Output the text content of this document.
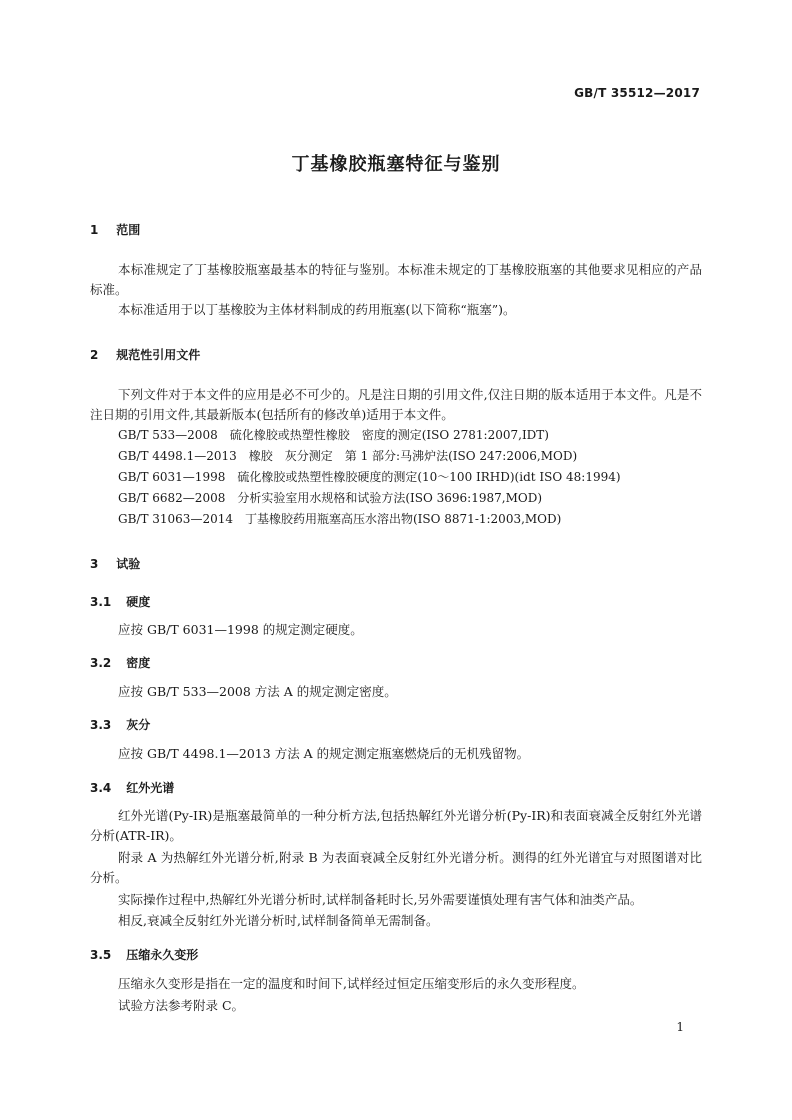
GB/T 35512—2017
丁基橡胶瓶塞特征与鉴别
1 范围
本标准规定了丁基橡胶瓶塞最基本的特征与鉴别。本标准未规定的丁基橡胶瓶塞的其他要求见相应的产品标准。
本标准适用于以丁基橡胶为主体材料制成的药用瓶塞(以下简称“瓶塞”)。
2 规范性引用文件
下列文件对于本文件的应用是必不可少的。凡是注日期的引用文件,仅注日期的版本适用于本文件。凡是不注日期的引用文件,其最新版本(包括所有的修改单)适用于本文件。
GB/T 533—2008　硫化橡胶或热塑性橡胶　密度的测定(ISO 2781:2007,IDT)
GB/T 4498.1—2013　橡胶　灰分测定　第 1 部分:马沸炉法(ISO 247:2006,MOD)
GB/T 6031—1998　硫化橡胶或热塑性橡胶硬度的测定(10～100 IRHD)(idt ISO 48:1994)
GB/T 6682—2008　分析实验室用水规格和试验方法(ISO 3696:1987,MOD)
GB/T 31063—2014　丁基橡胶药用瓶塞高压水溶出物(ISO 8871-1:2003,MOD)
3 试验
3.1 硬度
应按 GB/T 6031—1998 的规定测定硬度。
3.2 密度
应按 GB/T 533—2008 方法 A 的规定测定密度。
3.3 灰分
应按 GB/T 4498.1—2013 方法 A 的规定测定瓶塞燃烧后的无机残留物。
3.4 红外光谱
红外光谱(Py-IR)是瓶塞最简单的一种分析方法,包括热解红外光谱分析(Py-IR)和表面衰减全反射红外光谱分析(ATR-IR)。
附录 A 为热解红外光谱分析,附录 B 为表面衰减全反射红外光谱分析。测得的红外光谱宜与对照图谱对比分析。
实际操作过程中,热解红外光谱分析时,试样制备耗时长,另外需要谨慎处理有害气体和油类产品。
相反,衰减全反射红外光谱分析时,试样制备简单无需制备。
3.5 压缩永久变形
压缩永久变形是指在一定的温度和时间下,试样经过恒定压缩变形后的永久变形程度。
试验方法参考附录 C。
1
